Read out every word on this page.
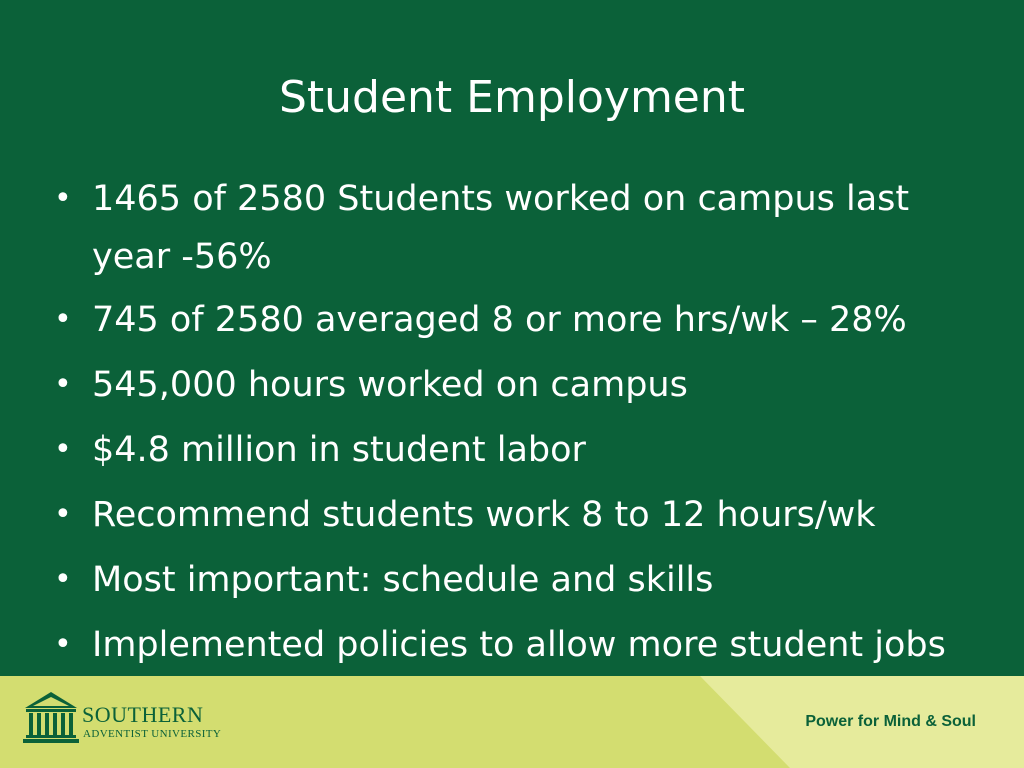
Student Employment
• 1465 of 2580 Students worked on campus last
year -56%
• 745 of 2580 averaged 8 or more hrs/wk – 28%
• 545,000 hours worked on campus
• $4.8 million in student labor
• Recommend students work 8 to 12 hours/wk
• Most important: schedule and skills
• Implemented policies to allow more student jobs
SOUTHERN
ADVENTIST UNIVERSITY
Power for Mind & Soul
